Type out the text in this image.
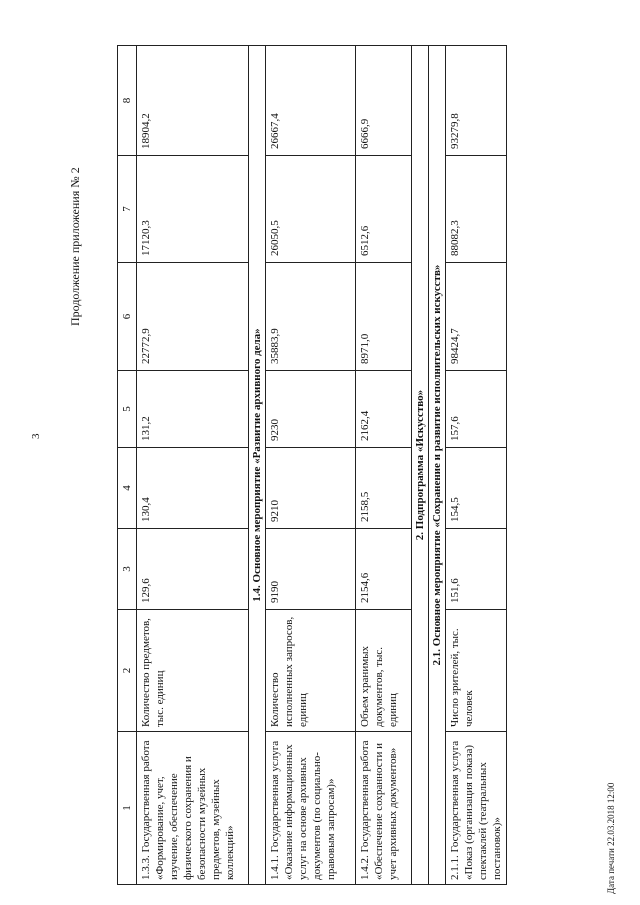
3
Продолжение приложения № 2
Дата печати 22.03.2018 12:00
1	2	3	4	5	6	7	8
1.3.3. Государственная работа «Формирование, учет, изучение, обеспечение физического сохранения и безопасности музейных предметов, музейных коллекций»	Количество предметов, тыс. единиц	129,6	130,4	131,2	22772,9	17120,3	18904,2
1.4. Основное мероприятие «Развитие архивного дела»							
1.4.1. Государственная услуга «Оказание информационных услуг на основе архивных документов (по социально-правовым запросам)»	Количество исполненных запросов, единиц	9190	9210	9230	35883,9	26050,5	26667,4
1.4.2. Государственная работа «Обеспечение сохранности и учет архивных документов»	Объем хранимых документов, тыс. единиц	2154,6	2158,5	2162,4	8971,0	6512,6	6666,9
2. Подпрограмма «Искусство»							
2.1. Основное мероприятие «Сохранение и развитие исполнительских искусств»							
2.1.1. Государственная услуга «Показ (организация показа) спектаклей (театральных постановок)»	Число зрителей, тыс. человек	151,6	154,5	157,6	98424,7	88082,3	93279,8
